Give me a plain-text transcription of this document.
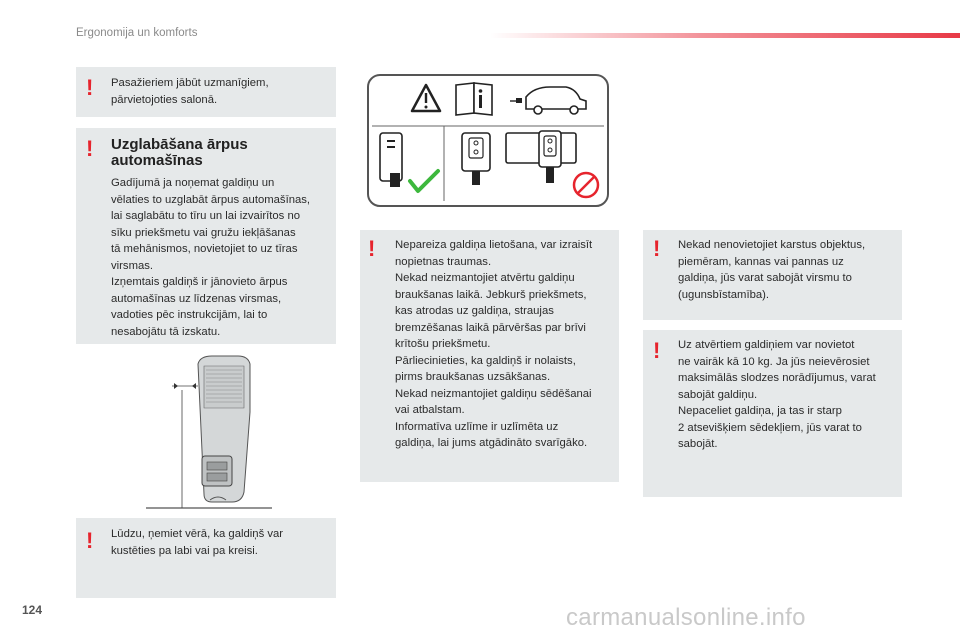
Ergonomija un komforts
! Pasažieriem jābūt uzmanīgiem,
pārvietojoties salonā.
! Uzglabāšana ārpus
automašīnas
Gadījumā ja noņemat galdiņu un
vēlaties to uzglabāt ārpus automašīnas,
lai saglabātu to tīru un lai izvairītos no
sīku priekšmetu vai gružu iekļāšanas
tā mehānismos, novietojiet to uz tīras
virsmas.
Izņemtais galdiņš ir jānovieto ārpus
automašīnas uz līdzenas virsmas,
vadoties pēc instrukcijām, lai to
nesabojātu tā izskatu.
! Lūdzu, ņemiet vērā, ka galdiņš var
kustēties pa labi vai pa kreisi.
! Nepareiza galdiņa lietošana, var izraisīt
nopietnas traumas.
Nekad neizmantojiet atvērtu galdiņu
braukšanas laikā. Jebkurš priekšmets,
kas atrodas uz galdiņa, straujas
bremzēšanas laikā pārvēršas par brīvi
krītošu priekšmetu.
Pārliecinieties, ka galdiņš ir nolaists,
pirms braukšanas uzsākšanas.
Nekad neizmantojiet galdiņu sēdēšanai
vai atbalstam.
Informatīva uzlīme ir uzlīmēta uz
galdiņa, lai jums atgādināto svarīgāko.
! Nekad nenovietojiet karstus objektus,
piemēram, kannas vai pannas uz
galdiņa, jūs varat sabojāt virsmu to
(ugunsbīstamība).
! Uz atvērtiem galdiņiem var novietot
ne vairāk kā 10 kg. Ja jūs neievērosiet
maksimālās slodzes norādījumus, varat
sabojāt galdiņu.
Nepaceliet galdiņa, ja tas ir starp
2 atsevišķiem sēdekļiem, jūs varat to
sabojāt.
124	carmanualsonline.info
